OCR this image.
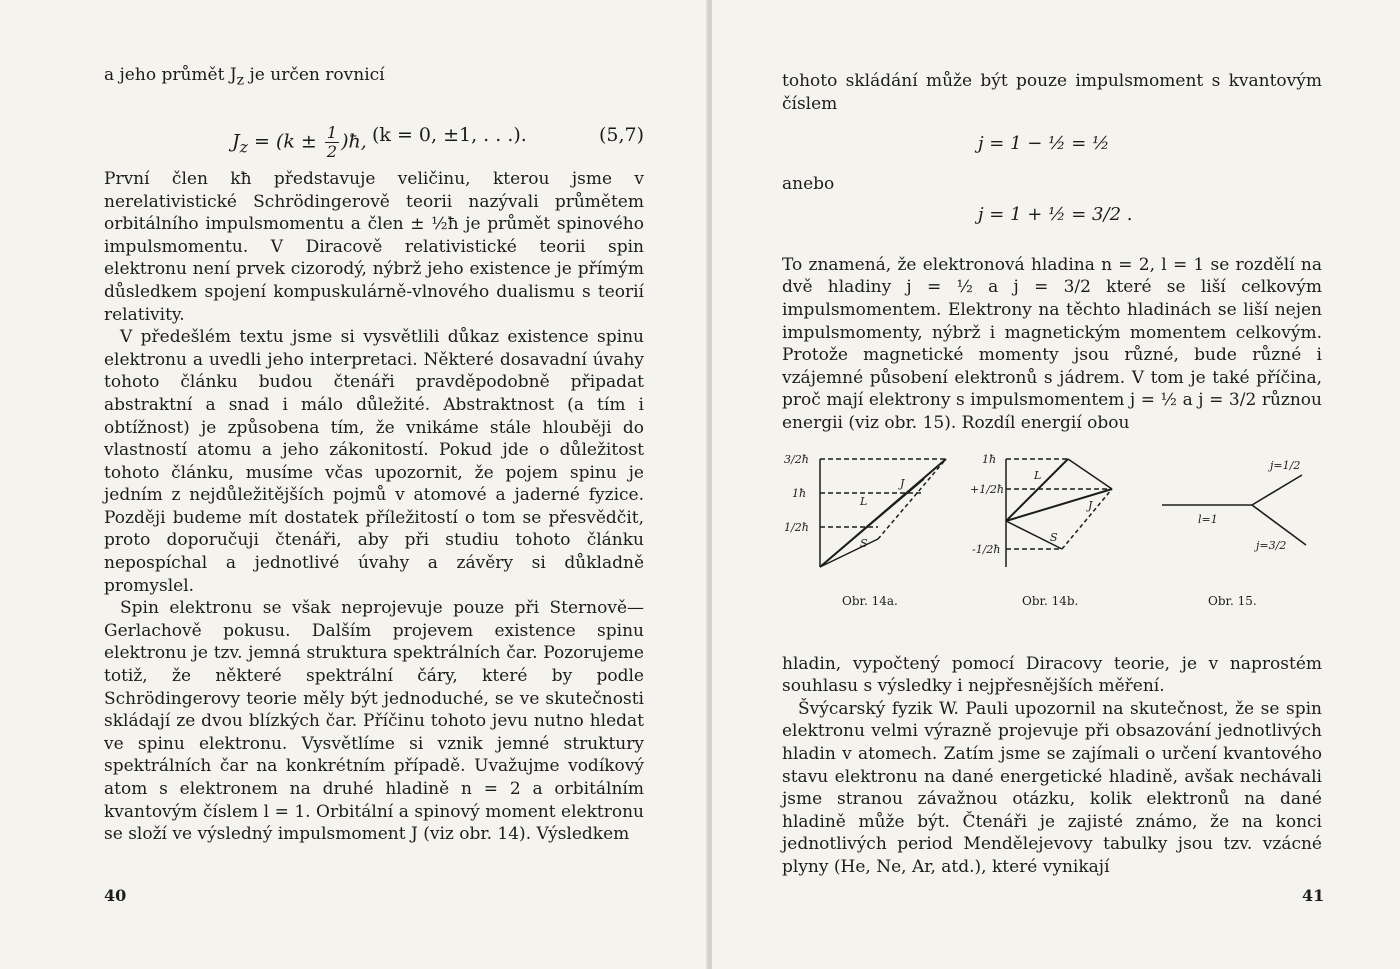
a jeho průmět $J_z$ je určen rovnicí

$J_z = (k \pm \frac{1}{2}$ )ħ, (k = 0, ±1, . . .).	(5,7)

První člen kħ představuje veličinu, kterou jsme v nerelativistické Schrödingerově teorii nazývali průmětem orbitálního impulsmomentu a člen ± ½ħ je průmět spinového impulsmomentu. V Diracově relativistické teorii spin elektronu není prvek cizorodý, nýbrž jeho existence je přímým důsledkem spojení kompuskulárně-vlnového dualismu s teorií relativity.

V předešlém textu jsme si vysvětlili důkaz existence spinu elektronu a uvedli jeho interpretaci. Některé dosavadní úvahy tohoto článku budou čtenáři pravděpodobně připadat abstraktní a snad i málo důležité. Abstraktnost (a tím i obtížnost) je způsobena tím, že vnikáme stále hlouběji do vlastností atomu a jeho zákonitostí. Pokud jde o důležitost tohoto článku, musíme včas upozornit, že pojem spinu je jedním z nejdůležitějších pojmů v atomové a jaderné fyzice. Později budeme mít dostatek příležitostí o tom se přesvědčit, proto doporučuji čtenáři, aby při studiu tohoto článku nepospíchal a jednotlivé úvahy a závěry si důkladně promyslel.

Spin elektronu se však neprojevuje pouze při Sternově—Gerlachově pokusu. Dalším projevem existence spinu elektronu je tzv. jemná struktura spektrálních čar. Pozorujeme totiž, že některé spektrální čáry, které by podle Schrödingerovy teorie měly být jednoduché, se ve skutečnosti skládají ze dvou blízkých čar. Příčinu tohoto jevu nutno hledat ve spinu elektronu. Vysvětlíme si vznik jemné struktury spektrálních čar na konkrétním případě. Uvažujme vodíkový atom s elektronem na druhé hladině n = 2 a orbitálním kvantovým číslem l = 1. Orbitální a spinový moment elektronu se složí ve výsledný impulsmoment J (viz obr. 14). Výsledkem

40

tohoto skládání může být pouze impulsmoment s kvantovým číslem

j = 1 − ½ = ½

anebo

j = 1 + ½ = 3/2 .

To znamená, že elektronová hladina n = 2, l = 1 se rozdělí na dvě hladiny j = ½ a j = 3/2 které se liší celkovým impulsmomentem. Elektrony na těchto hladinách se liší nejen impulsmomenty, nýbrž i magnetickým momentem celkovým. Protože magnetické momenty jsou různé, bude různé i vzájemné působení elektronů s jádrem. V tom je také příčina, proč mají elektrony s impulsmomentem j = ½ a j = 3/2 různou energii (viz obr. 15). Rozdíl energií obou

3/2ħ
1ħ
1/2ħ
J
L
S
Obr. 14a.
1ħ
+1/2ħ
-1/2ħ
L
J
S
Obr. 14b.
l=1
j=1/2
j=3/2
Obr. 15.

hladin, vypočtený pomocí Diracovy teorie, je v naprostém souhlasu s výsledky i nejpřesnějších měření.

Švýcarský fyzik W. Pauli upozornil na skutečnost, že se spin elektronu velmi výrazně projevuje při obsazování jednotlivých hladin v atomech. Zatím jsme se zajímali o určení kvantového stavu elektronu na dané energetické hladině, avšak nechávali jsme stranou závažnou otázku, kolik elektronů na dané hladině může být. Čtenáři je zajisté známo, že na konci jednotlivých period Mendělejevovy tabulky jsou tzv. vzácné plyny (He, Ne, Ar, atd.), které vynikají

41
